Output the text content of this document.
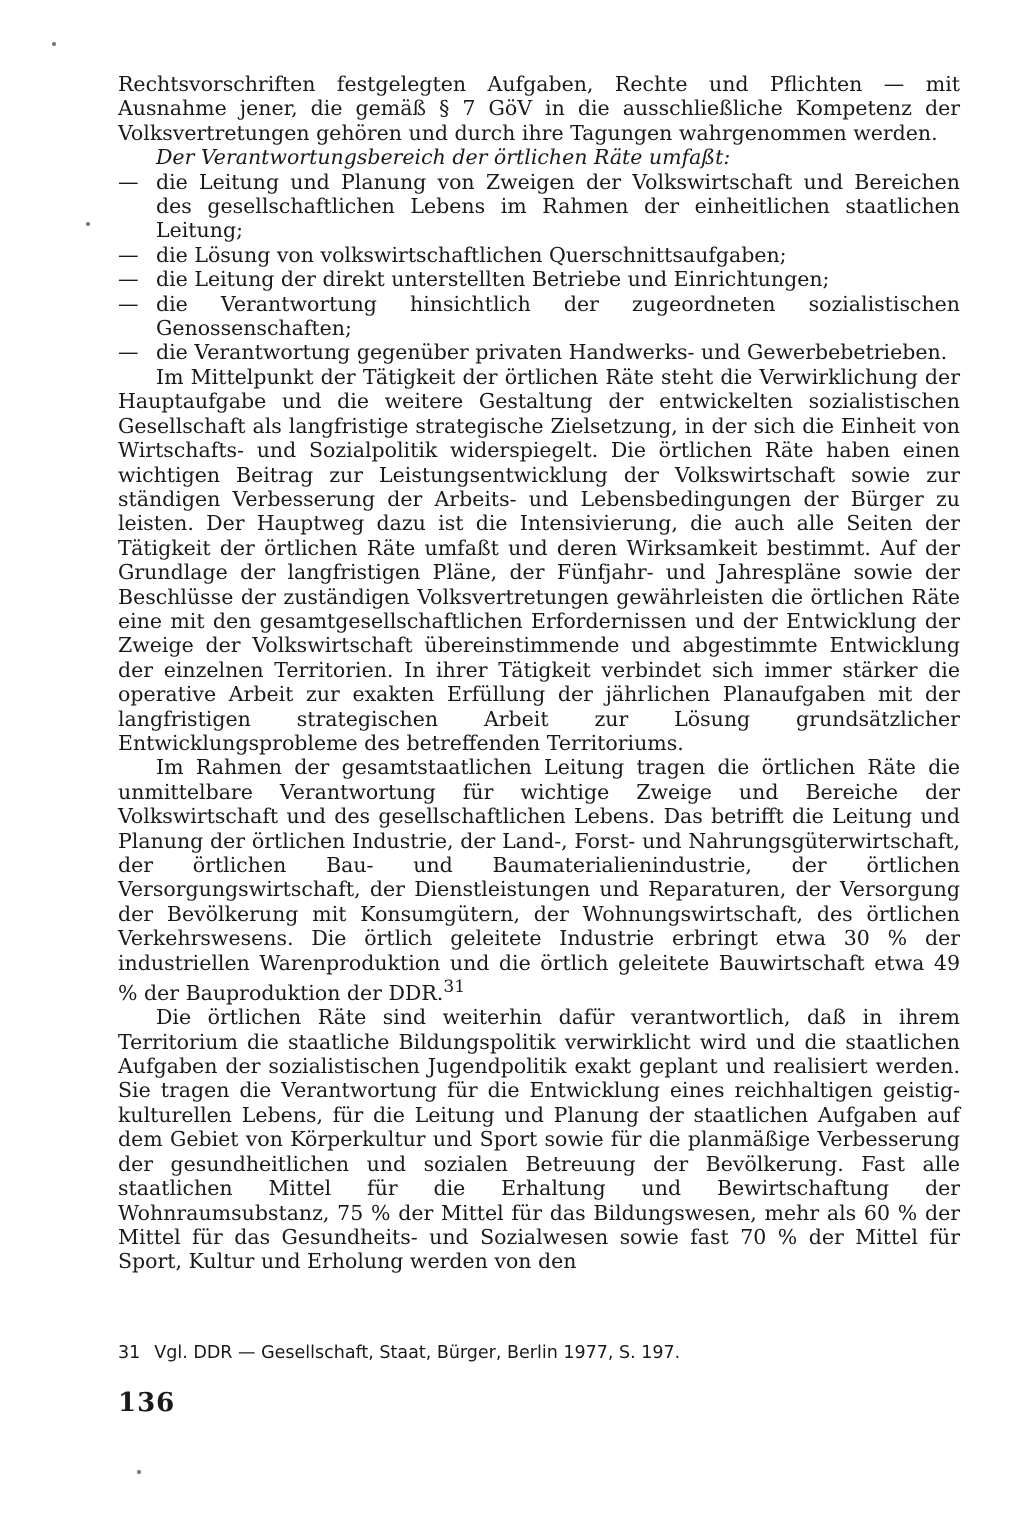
Rechtsvorschriften festgelegten Aufgaben, Rechte und Pflichten — mit Ausnahme jener, die gemäß § 7 GöV in die ausschließliche Kompetenz der Volksvertretungen gehören und durch ihre Tagungen wahrgenommen werden.

Der Verantwortungsbereich der örtlichen Räte umfaßt:

— die Leitung und Planung von Zweigen der Volkswirtschaft und Bereichen des gesellschaftlichen Lebens im Rahmen der einheitlichen staatlichen Leitung;
— die Lösung von volkswirtschaftlichen Querschnittsaufgaben;
— die Leitung der direkt unterstellten Betriebe und Einrichtungen;
— die Verantwortung hinsichtlich der zugeordneten sozialistischen Genossenschaften;
— die Verantwortung gegenüber privaten Handwerks- und Gewerbebetrieben.

Im Mittelpunkt der Tätigkeit der örtlichen Räte steht die Verwirklichung der Hauptaufgabe und die weitere Gestaltung der entwickelten sozialistischen Gesellschaft als langfristige strategische Zielsetzung, in der sich die Einheit von Wirtschafts- und Sozialpolitik widerspiegelt. Die örtlichen Räte haben einen wichtigen Beitrag zur Leistungsentwicklung der Volkswirtschaft sowie zur ständigen Verbesserung der Arbeits- und Lebensbedingungen der Bürger zu leisten. Der Hauptweg dazu ist die Intensivierung, die auch alle Seiten der Tätigkeit der örtlichen Räte umfaßt und deren Wirksamkeit bestimmt. Auf der Grundlage der langfristigen Pläne, der Fünfjahr- und Jahrespläne sowie der Beschlüsse der zuständigen Volksvertretungen gewährleisten die örtlichen Räte eine mit den gesamtgesellschaftlichen Erfordernissen und der Entwicklung der Zweige der Volkswirtschaft übereinstimmende und abgestimmte Entwicklung der einzelnen Territorien. In ihrer Tätigkeit verbindet sich immer stärker die operative Arbeit zur exakten Erfüllung der jährlichen Planaufgaben mit der langfristigen strategischen Arbeit zur Lösung grundsätzlicher Entwicklungsprobleme des betreffenden Territoriums.

Im Rahmen der gesamtstaatlichen Leitung tragen die örtlichen Räte die unmittelbare Verantwortung für wichtige Zweige und Bereiche der Volkswirtschaft und des gesellschaftlichen Lebens. Das betrifft die Leitung und Planung der örtlichen Industrie, der Land-, Forst- und Nahrungsgüterwirtschaft, der örtlichen Bau- und Baumaterialienindustrie, der örtlichen Versorgungswirtschaft, der Dienstleistungen und Reparaturen, der Versorgung der Bevölkerung mit Konsumgütern, der Wohnungswirtschaft, des örtlichen Verkehrswesens. Die örtlich geleitete Industrie erbringt etwa 30 % der industriellen Warenproduktion und die örtlich geleitete Bauwirtschaft etwa 49 % der Bauproduktion der DDR.$^{31}$

Die örtlichen Räte sind weiterhin dafür verantwortlich, daß in ihrem Territorium die staatliche Bildungspolitik verwirklicht wird und die staatlichen Aufgaben der sozialistischen Jugendpolitik exakt geplant und realisiert werden. Sie tragen die Verantwortung für die Entwicklung eines reichhaltigen geistig-kulturellen Lebens, für die Leitung und Planung der staatlichen Aufgaben auf dem Gebiet von Körperkultur und Sport sowie für die planmäßige Verbesserung der gesundheitlichen und sozialen Betreuung der Bevölkerung. Fast alle staatlichen Mittel für die Erhaltung und Bewirtschaftung der Wohnraumsubstanz, 75 % der Mittel für das Bildungswesen, mehr als 60 % der Mittel für das Gesundheits- und Sozialwesen sowie fast 70 % der Mittel für Sport, Kultur und Erholung werden von den

31 Vgl. DDR — Gesellschaft, Staat, Bürger, Berlin 1977, S. 197.
136
